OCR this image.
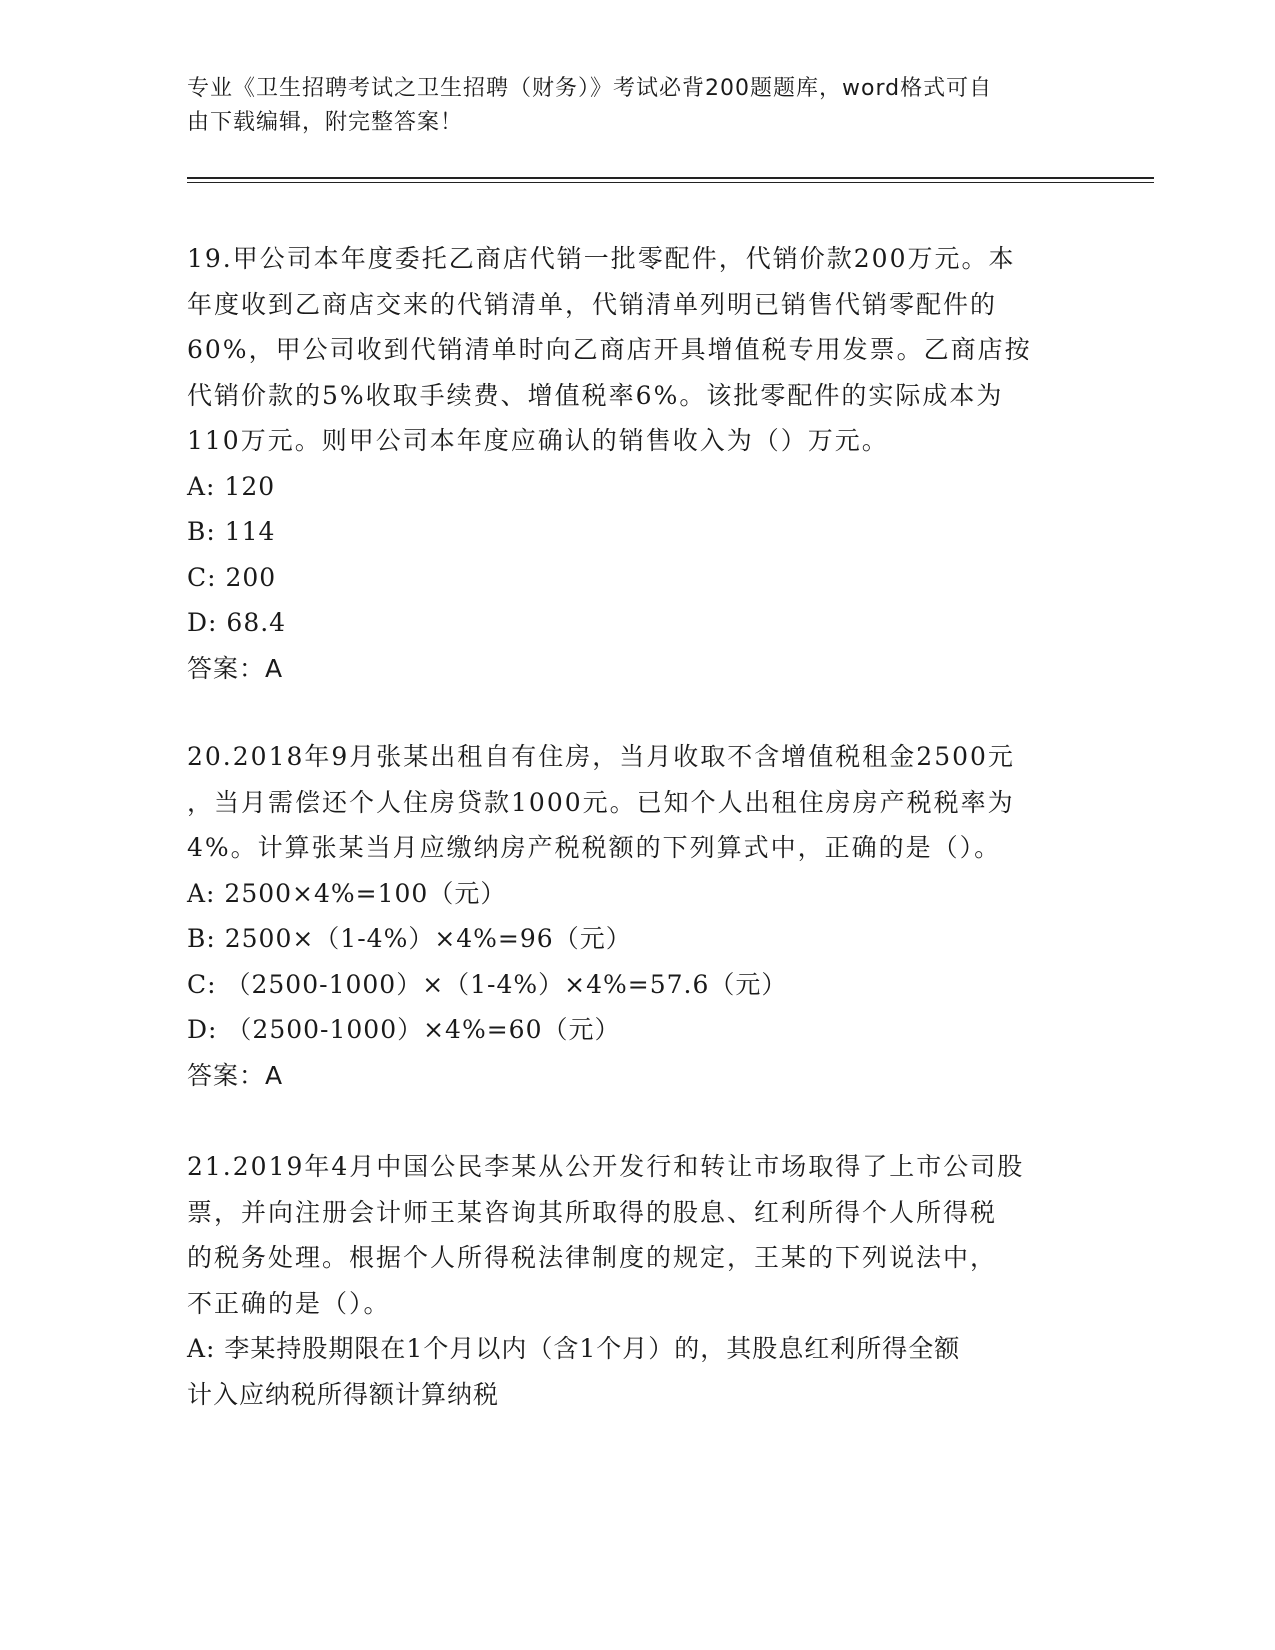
专业《卫生招聘考试之卫生招聘（财务）》考试必背200题题库，word格式可自
由下载编辑，附完整答案！

19.甲公司本年度委托乙商店代销一批零配件，代销价款200万元。本
年度收到乙商店交来的代销清单，代销清单列明已销售代销零配件的
60%，甲公司收到代销清单时向乙商店开具增值税专用发票。乙商店按
代销价款的5%收取手续费、增值税率6%。该批零配件的实际成本为
110万元。则甲公司本年度应确认的销售收入为（）万元。

A: 120

B: 114

C: 200

D: 68.4

答案：A

20.2018年9月张某出租自有住房，当月收取不含增值税租金2500元
，当月需偿还个人住房贷款1000元。已知个人出租住房房产税税率为
4%。计算张某当月应缴纳房产税税额的下列算式中，正确的是（）。

A: 2500×4%=100（元）

B: 2500×（1-4%）×4%=96（元）

C: （2500-1000）×（1-4%）×4%=57.6（元）

D: （2500-1000）×4%=60（元）

答案：A

21.2019年4月中国公民李某从公开发行和转让市场取得了上市公司股
票，并向注册会计师王某咨询其所取得的股息、红利所得个人所得税
的税务处理。根据个人所得税法律制度的规定，王某的下列说法中，
不正确的是（）。

A: 李某持股期限在1个月以内（含1个月）的，其股息红利所得全额
计入应纳税所得额计算纳税
